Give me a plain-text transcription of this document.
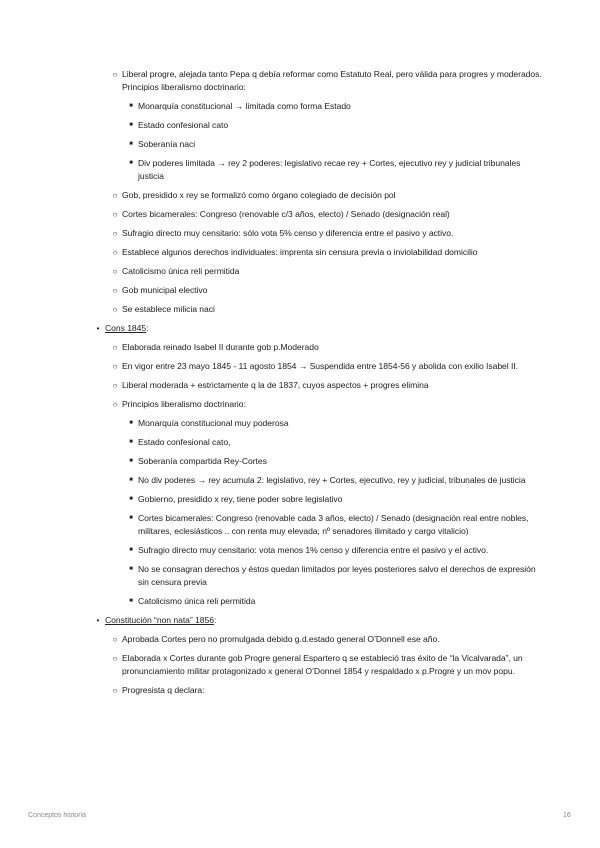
○ Liberal progre, alejada tanto Pepa q debía reformar como Estatuto Real, pero válida para progres y moderados. Principios liberalismo doctrinario:
■ Monarquía constitucional → limitada como forma Estado
■ Estado confesional cato
■ Soberanía naci
■ Div poderes limitada → rey 2 poderes: legislativo recae rey + Cortes, ejecutivo rey y judicial tribunales justicia
○ Gob, presidido x rey se formalizó como órgano colegiado de decisión pol
○ Cortes bicamerales: Congreso (renovable c/3 años, electo) / Senado (designación real)
○ Sufragio directo muy censitario: sólo vota 5% censo y diferencia entre el pasivo y activo.
○ Establece algunos derechos individuales: imprenta sin censura previa o inviolabilidad domicilio
○ Catolicismo única reli permitida
○ Gob municipal electivo
○ Se establece milicia naci
• Cons 1845:
○ Elaborada reinado Isabel II durante gob p.Moderado
○ En vigor entre 23 mayo 1845 - 11 agosto 1854 → Suspendida entre 1854-56 y abolida con exilio Isabel II.
○ Liberal moderada + estrictamente q la de 1837, cuyos aspectos + progres elimina
○ Principios liberalismo doctrinario:
■ Monarquía constitucional muy poderosa
■ Estado confesional cato,
■ Soberanía compartida Rey-Cortes
■ No div poderes → rey acumula 2: legislativo, rey + Cortes, ejecutivo, rey y judicial, tribunales de justicia
■ Gobierno, presidido x rey, tiene poder sobre legislativo
■ Cortes bicamerales: Congreso (renovable cada 3 años, electo) / Senado (designación real entre nobles, militares, eclesiásticos .. con renta muy elevada; nº senadores ilimitado y cargo vitalicio)
■ Sufragio directo muy censitario: vota menos 1% censo y diferencia entre el pasivo y el activo.
■ No se consagran derechos y éstos quedan limitados por leyes posteriores salvo el derechos de expresión sin censura previa
■ Catolicismo única reli permitida
• Constitución “non nata” 1856:
○ Aprobada Cortes pero no promulgada debido g.d.estado general O’Donnell ese año.
○ Elaborada x Cortes durante gob Progre general Espartero q se estableció tras éxito de “la Vicalvarada”, un pronunciamiento militar protagonizado x general O’Donnel 1854 y respaldado x p.Progre y un mov popu.
○ Progresista q declara:
Conceptos historia	16
